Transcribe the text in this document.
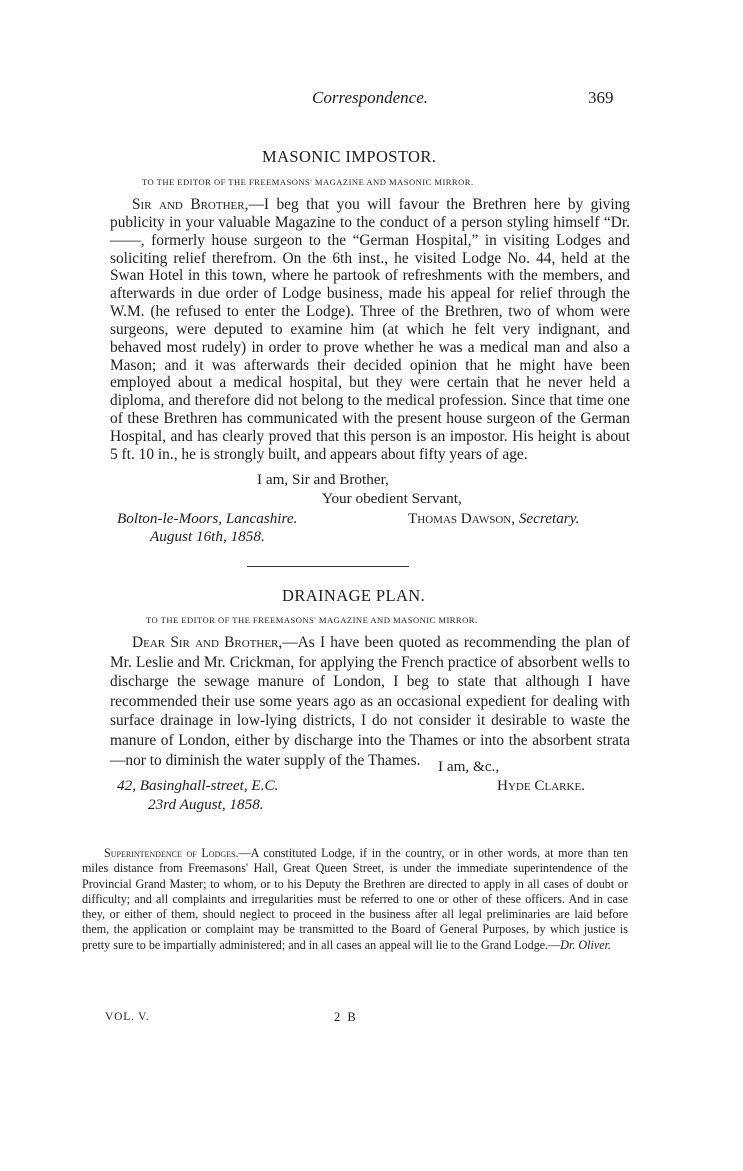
Correspondence.	369
MASONIC IMPOSTOR.
TO THE EDITOR OF THE FREEMASONS' MAGAZINE AND MASONIC MIRROR.

Sir and Brother,—I beg that you will favour the Brethren here by giving publicity in your valuable Magazine to the conduct of a person styling himself “Dr. ——, formerly house surgeon to the “German Hospital,” in visiting Lodges and soliciting relief therefrom. On the 6th inst., he visited Lodge No. 44, held at the Swan Hotel in this town, where he partook of refreshments with the members, and afterwards in due order of Lodge business, made his appeal for relief through the W.M. (he refused to enter the Lodge). Three of the Brethren, two of whom were surgeons, were deputed to examine him (at which he felt very indignant, and behaved most rudely) in order to prove whether he was a medical man and also a Mason; and it was afterwards their decided opinion that he might have been employed about a medical hospital, but they were certain that he never held a diploma, and therefore did not belong to the medical profession. Since that time one of these Brethren has communicated with the present house surgeon of the German Hospital, and has clearly proved that this person is an impostor. His height is about 5 ft. 10 in., he is strongly built, and appears about fifty years of age.

I am, Sir and Brother,
Your obedient Servant,
Bolton-le-Moors, Lancashire.	Thomas Dawson, Secretary.
August 16th, 1858.
DRAINAGE PLAN.
TO THE EDITOR OF THE FREEMASONS' MAGAZINE AND MASONIC MIRROR.

Dear Sir and Brother,—As I have been quoted as recommending the plan of Mr. Leslie and Mr. Crickman, for applying the French practice of absorbent wells to discharge the sewage manure of London, I beg to state that although I have recommended their use some years ago as an occasional expedient for dealing with surface drainage in low-lying districts, I do not consider it desirable to waste the manure of London, either by discharge into the Thames or into the absorbent strata—nor to diminish the water supply of the Thames.	I am, &c.,
42, Basinghall-street, E.C.	Hyde Clarke.
23rd August, 1858.

Superintendence of Lodges.—A constituted Lodge, if in the country, or in other words, at more than ten miles distance from Freemasons' Hall, Great Queen Street, is under the immediate superintendence of the Provincial Grand Master; to whom, or to his Deputy the Brethren are directed to apply in all cases of doubt or difficulty; and all complaints and irregularities must be referred to one or other of these officers. And in case they, or either of them, should neglect to proceed in the business after all legal preliminaries are laid before them, the application or complaint may be transmitted to the Board of General Purposes, by which justice is pretty sure to be impartially administered; and in all cases an appeal will lie to the Grand Lodge.—Dr. Oliver.

VOL. V.	2 B
